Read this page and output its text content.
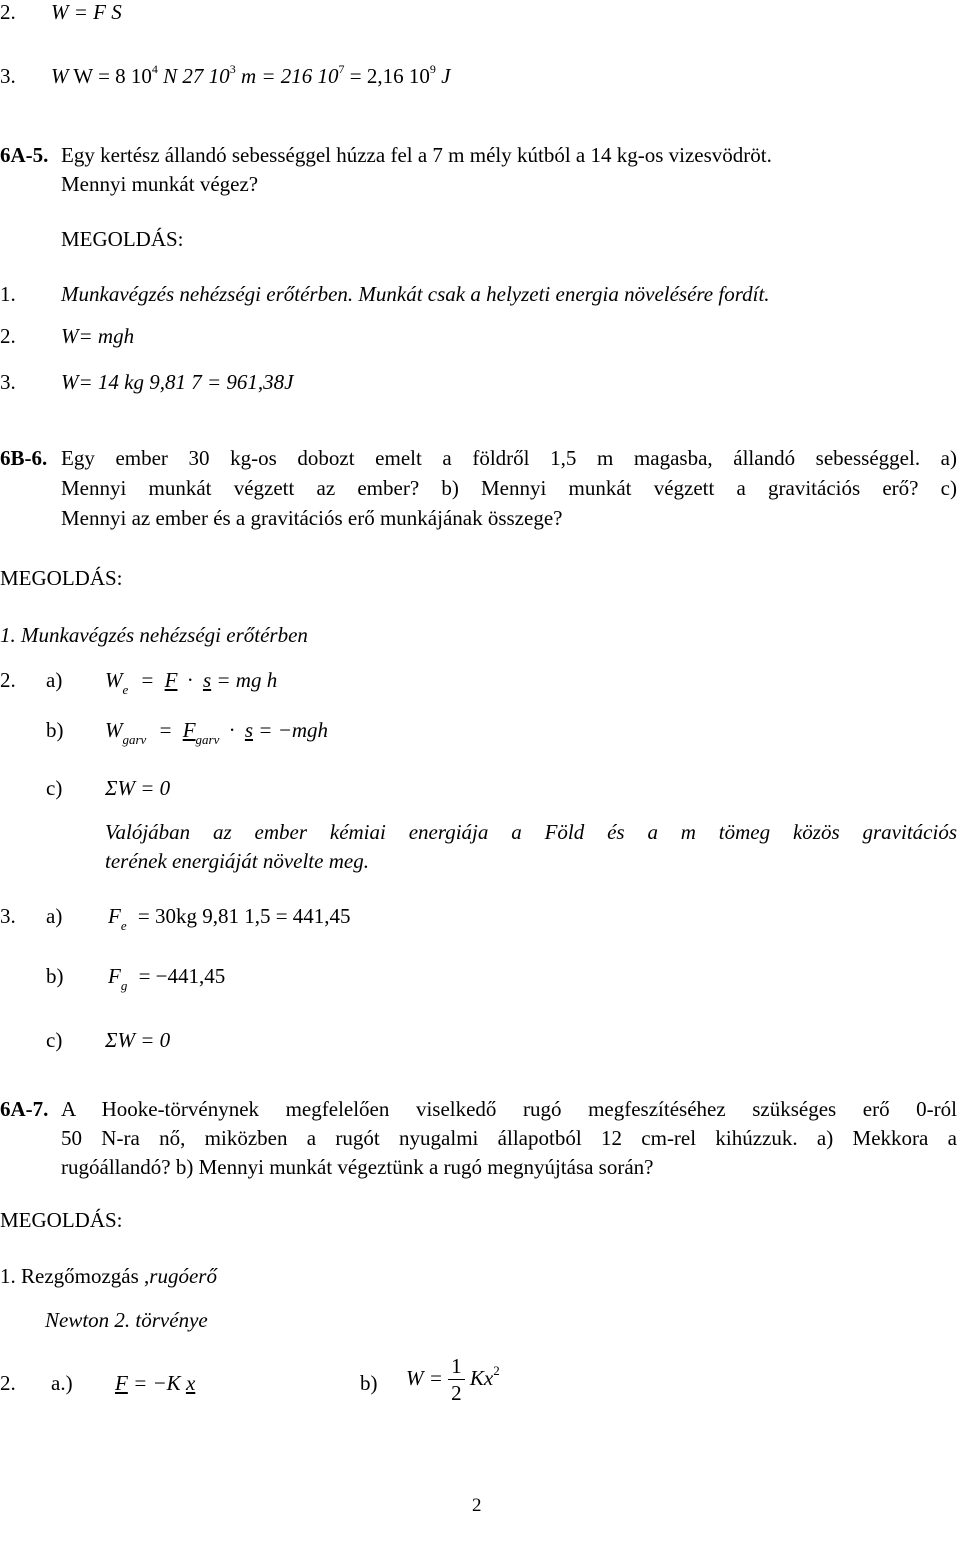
2. W = F S
3. W W = 8 $10^4$ N 27 $10^3$ m = 216 $10^7 = 2,16$ $10^9$ J
6A-5. Egy kertész állandó sebességgel húzza fel a 7 m mély kútból a 14 kg-os vizesvödröt.
Mennyi munkát végez?
MEGOLDÁS:
1. Munkavégzés nehézségi erőtérben. Munkát csak a helyzeti energia növelésére fordít.
2. W= mgh
3. W= 14 kg 9,81 7 = 961,38J
6B-6. Egy ember 30 kg-os dobozt emelt a földről 1,5 m magasba, állandó sebességgel. a)
Mennyi munkát végzett az ember? b) Mennyi munkát végzett a gravitációs erő? c)
Mennyi az ember és a gravitációs erő munkájának összege?
MEGOLDÁS:
1. Munkavégzés nehézségi erőtérben
2. a) $W_e = F \cdot s$ = mg h
b) $W_{garv} = F_{garv} \cdot s = -mgh$
c) ΣW = 0
Valójában az ember kémiai energiája a Föld és a m tömeg közös gravitációs
terének energiáját növelte meg.
3. a) $F_e = 30kg$ 9,81 1,5 = 441,45
b) $F_g = -441,45$
c) ΣW = 0
6A-7. A Hooke-törvénynek megfelelően viselkedő rugó megfeszítéséhez szükséges erő 0-ról
50 N-ra nő, miközben a rugót nyugalmi állapotból 12 cm-rel kihúzzuk. a) Mekkora a
rugóállandó? b) Mennyi munkát végeztünk a rugó megnyújtása során?
MEGOLDÁS:
1. Rezgőmozgás ,rugóerő
Newton 2. törvénye
2. a.) F = −K x	b) $W = \frac{1}{2} Kx^2$
2
